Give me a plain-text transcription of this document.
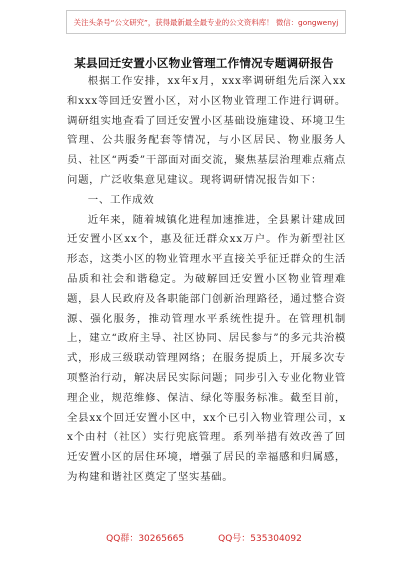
关注头条号“公文研究”，获得最新最全最专业的公文资料库！ 微信：gongwenyj
某县回迁安置小区物业管理工作情况专题调研报告

根据工作安排，xx年x月，xxx率调研组先后深入xx和xxx等回迁安置小区，对小区物业管理工作进行调研。调研组实地查看了回迁安置小区基础设施建设、环境卫生管理、公共服务配套等情况，与小区居民、物业服务人员、社区“两委”干部面对面交流，聚焦基层治理难点痛点问题，广泛收集意见建议。现将调研情况报告如下：

一、工作成效

近年来，随着城镇化进程加速推进，全县累计建成回迁安置小区xx个，惠及征迁群众xx万户。作为新型社区形态，这类小区的物业管理水平直接关乎征迁群众的生活品质和社会和谐稳定。为破解回迁安置小区物业管理难题，县人民政府及各职能部门创新治理路径，通过整合资源、强化服务，推动管理水平系统性提升。在管理机制上，建立“政府主导、社区协同、居民参与”的多元共治模式，形成三级联动管理网络；在服务提质上，开展多次专项整治行动，解决居民实际问题；同步引入专业化物业管理企业，规范维修、保洁、绿化等服务标准。截至目前，全县xx个回迁安置小区中，xx个已引入物业管理公司，xx个由村（社区）实行兜底管理。系列举措有效改善了回迁安置小区的居住环境，增强了居民的幸福感和归属感，为构建和谐社区奠定了坚实基础。

QQ群：30265665	QQ号：535304092
